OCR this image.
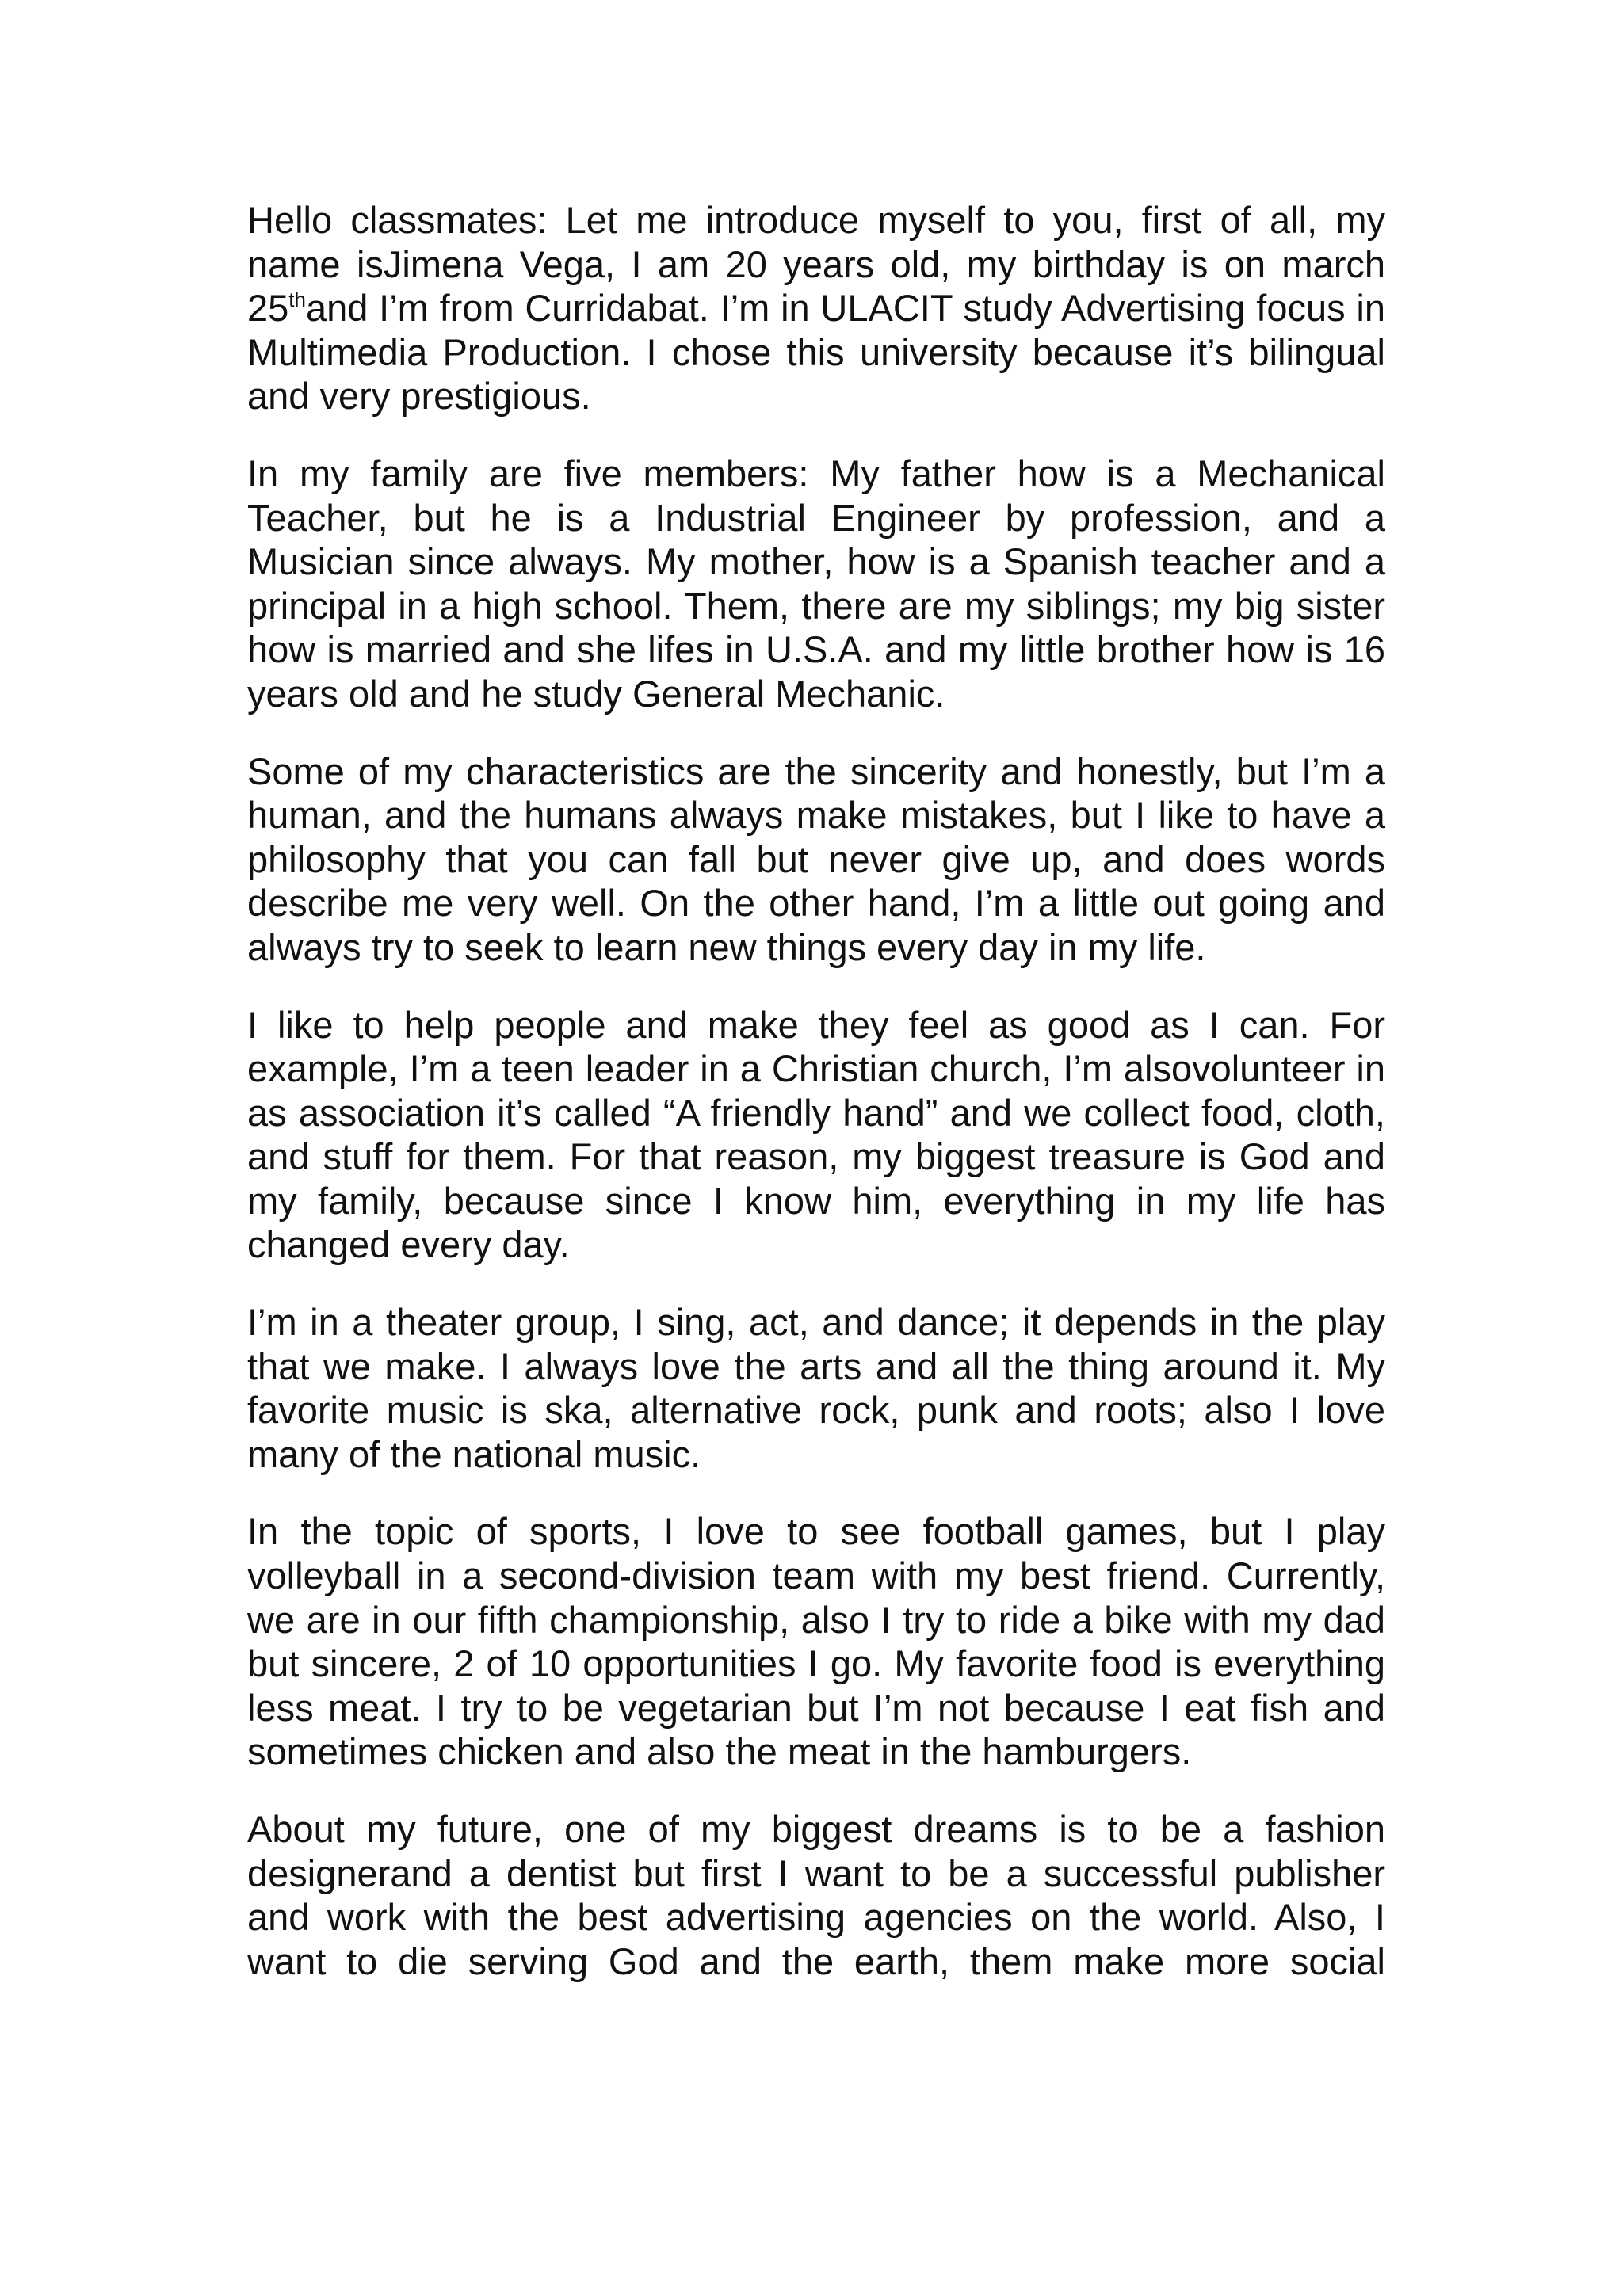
Hello classmates: Let me introduce myself to you, first of all, my name isJimena Vega, I am 20 years old, my birthday is on march 25thand I’m from Curridabat. I’m in ULACIT study Advertising focus in Multimedia Production. I chose this university because it’s bilingual and very prestigious.

In my family are five members: My father how is a Mechanical Teacher, but he is a Industrial Engineer by profession, and a Musician since always. My mother, how is a Spanish teacher and a principal in a high school. Them, there are my siblings; my big sister how is married and she lifes in U.S.A. and my little brother how is 16 years old and he study General Mechanic.

Some of my characteristics are the sincerity and honestly, but I’m a human, and the humans always make mistakes, but I like to have a philosophy that you can fall but never give up, and does words describe me very well. On the other hand, I’m a little out going and always try to seek to learn new things every day in my life.

I like to help people and make they feel as good as I can. For example, I’m a teen leader in a Christian church, I’m alsovolunteer in as association it’s called “A friendly hand” and we collect food, cloth, and stuff for them. For that reason, my biggest treasure is God and my family, because since I know him, everything in my life has changed every day.

I’m in a theater group, I sing, act, and dance; it depends in the play that we make. I always love the arts and all the thing around it. My favorite music is ska, alternative rock, punk and roots; also I love many of the national music.

In the topic of sports, I love to see football games, but I play volleyball in a second-division team with my best friend. Currently, we are in our fifth championship, also I try to ride a bike with my dad but sincere, 2 of 10 opportunities I go. My favorite food is everything less meat. I try to be vegetarian but I’m not because I eat fish and sometimes chicken and also the meat in the hamburgers.

About my future, one of my biggest dreams is to be a fashion designerand a dentist but first I want to be a successful publisher and work with the best advertising agencies on the world. Also, I want to die serving God and the earth, them make more social
